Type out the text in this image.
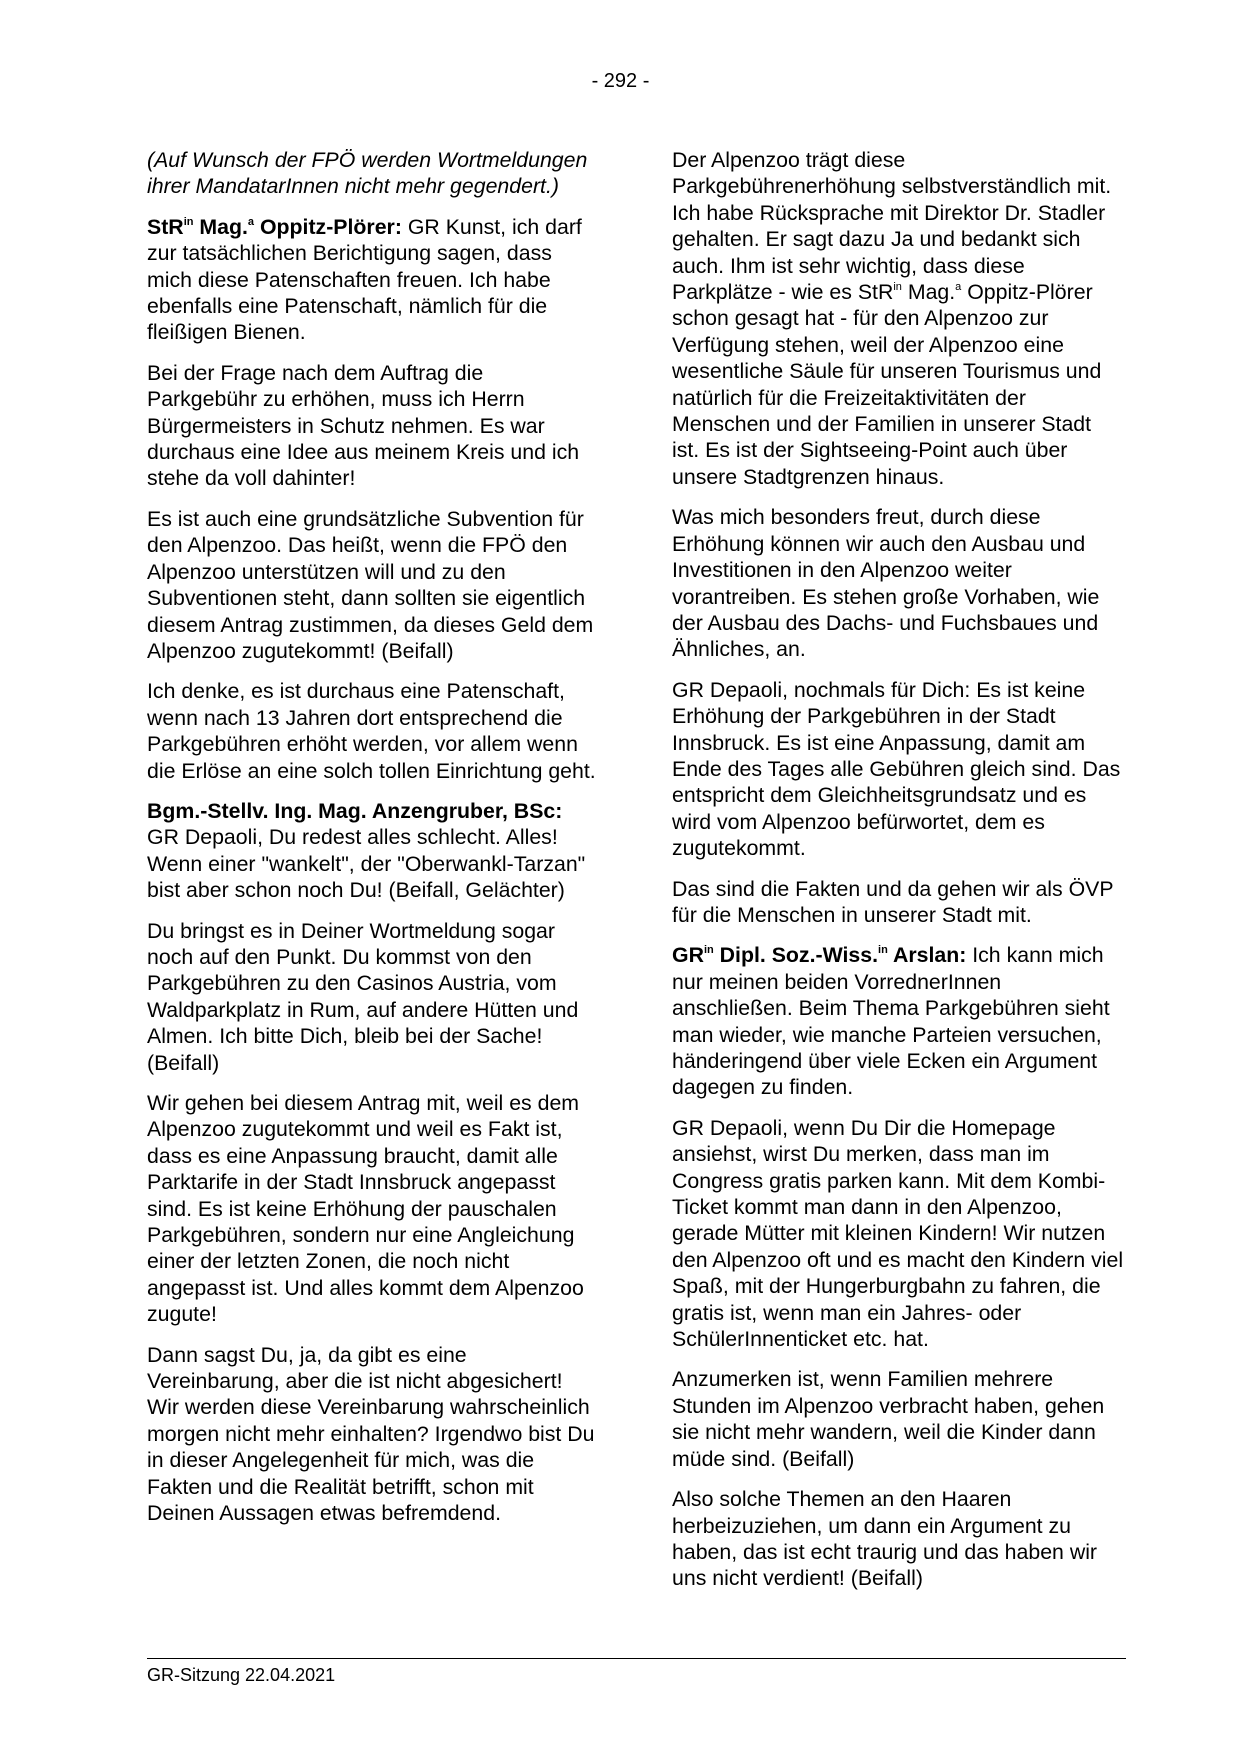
- 292 -

(Auf Wunsch der FPÖ werden Wortmeldungen ihrer MandatarInnen nicht mehr gegendert.)

StR$^{in}$ Mag.$^a$ Oppitz-Plörer: GR Kunst, ich darf zur tatsächlichen Berichtigung sagen, dass mich diese Patenschaften freuen. Ich habe ebenfalls eine Patenschaft, nämlich für die fleißigen Bienen.

Bei der Frage nach dem Auftrag die Parkgebühr zu erhöhen, muss ich Herrn Bürgermeisters in Schutz nehmen. Es war durchaus eine Idee aus meinem Kreis und ich stehe da voll dahinter!

Es ist auch eine grundsätzliche Subvention für den Alpenzoo. Das heißt, wenn die FPÖ den Alpenzoo unterstützen will und zu den Subventionen steht, dann sollten sie eigentlich diesem Antrag zustimmen, da dieses Geld dem Alpenzoo zugutekommt! (Beifall)

Ich denke, es ist durchaus eine Patenschaft, wenn nach 13 Jahren dort entsprechend die Parkgebühren erhöht werden, vor allem wenn die Erlöse an eine solch tollen Einrichtung geht.

Bgm.-Stellv. Ing. Mag. Anzengruber, BSc: GR Depaoli, Du redest alles schlecht. Alles! Wenn einer "wankelt", der "Oberwankl-Tarzan" bist aber schon noch Du! (Beifall, Gelächter)

Du bringst es in Deiner Wortmeldung sogar noch auf den Punkt. Du kommst von den Parkgebühren zu den Casinos Austria, vom Waldparkplatz in Rum, auf andere Hütten und Almen. Ich bitte Dich, bleib bei der Sache! (Beifall)

Wir gehen bei diesem Antrag mit, weil es dem Alpenzoo zugutekommt und weil es Fakt ist, dass es eine Anpassung braucht, damit alle Parktarife in der Stadt Innsbruck angepasst sind. Es ist keine Erhöhung der pauschalen Parkgebühren, sondern nur eine Angleichung einer der letzten Zonen, die noch nicht angepasst ist. Und alles kommt dem Alpenzoo zugute!

Dann sagst Du, ja, da gibt es eine Vereinbarung, aber die ist nicht abgesichert! Wir werden diese Vereinbarung wahrscheinlich morgen nicht mehr einhalten? Irgendwo bist Du in dieser Angelegenheit für mich, was die Fakten und die Realität betrifft, schon mit Deinen Aussagen etwas befremdend.

Der Alpenzoo trägt diese Parkgebührenerhöhung selbstverständlich mit. Ich habe Rücksprache mit Direktor Dr. Stadler gehalten. Er sagt dazu Ja und bedankt sich auch. Ihm ist sehr wichtig, dass diese Parkplätze - wie es StR$^{in}$ Mag.$^a$ Oppitz-Plörer schon gesagt hat - für den Alpenzoo zur Verfügung stehen, weil der Alpenzoo eine wesentliche Säule für unseren Tourismus und natürlich für die Freizeitaktivitäten der Menschen und der Familien in unserer Stadt ist. Es ist der Sightseeing-Point auch über unsere Stadtgrenzen hinaus.

Was mich besonders freut, durch diese Erhöhung können wir auch den Ausbau und Investitionen in den Alpenzoo weiter vorantreiben. Es stehen große Vorhaben, wie der Ausbau des Dachs- und Fuchsbaues und Ähnliches, an.

GR Depaoli, nochmals für Dich: Es ist keine Erhöhung der Parkgebühren in der Stadt Innsbruck. Es ist eine Anpassung, damit am Ende des Tages alle Gebühren gleich sind. Das entspricht dem Gleichheitsgrundsatz und es wird vom Alpenzoo befürwortet, dem es zugutekommt.

Das sind die Fakten und da gehen wir als ÖVP für die Menschen in unserer Stadt mit.

$GR^{in}$ Dipl. Soz.-Wiss.$^{in}$ Arslan: Ich kann mich nur meinen beiden VorrednerInnen anschließen. Beim Thema Parkgebühren sieht man wieder, wie manche Parteien versuchen, händeringend über viele Ecken ein Argument dagegen zu finden.

GR Depaoli, wenn Du Dir die Homepage ansiehst, wirst Du merken, dass man im Congress gratis parken kann. Mit dem Kombi-Ticket kommt man dann in den Alpenzoo, gerade Mütter mit kleinen Kindern! Wir nutzen den Alpenzoo oft und es macht den Kindern viel Spaß, mit der Hungerburgbahn zu fahren, die gratis ist, wenn man ein Jahres- oder SchülerInnenticket etc. hat.

Anzumerken ist, wenn Familien mehrere Stunden im Alpenzoo verbracht haben, gehen sie nicht mehr wandern, weil die Kinder dann müde sind. (Beifall)

Also solche Themen an den Haaren herbeizuziehen, um dann ein Argument zu haben, das ist echt traurig und das haben wir uns nicht verdient! (Beifall)

GR-Sitzung 22.04.2021
